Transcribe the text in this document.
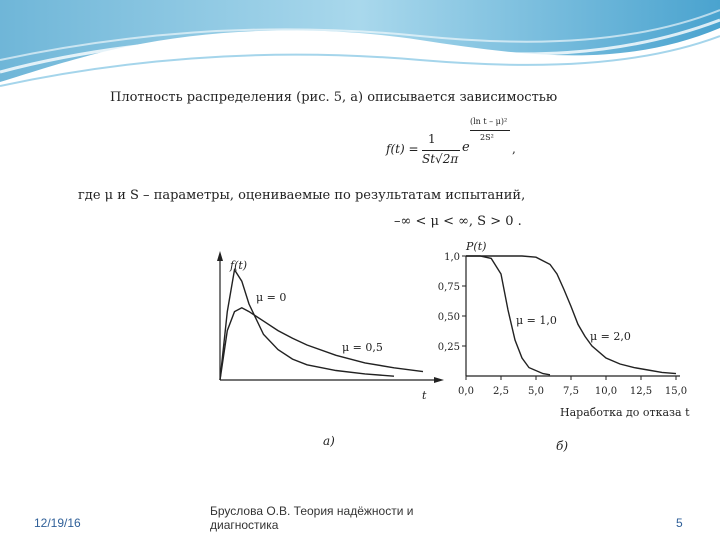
Плотность распределения (рис. 5, а) описывается зависимостью
f(t) =
1
St√2π
e
(ln t – μ)²
2S²
,
где μ и S – параметры, оцениваемые по результатам испытаний,
–∞ < μ < ∞, S > 0 .
f(t)
μ = 0
μ = 0,5
t
а)
0,25
0,50
0,75
1,0
0,0 2,5 5,0 7,5 10,0 12,5 15,0
P(t)
μ = 1,0
μ = 2,0
Наработка до отказа t
б)
12/19/16
Бруслова О.В. Теория надёжности и диагностика	5
